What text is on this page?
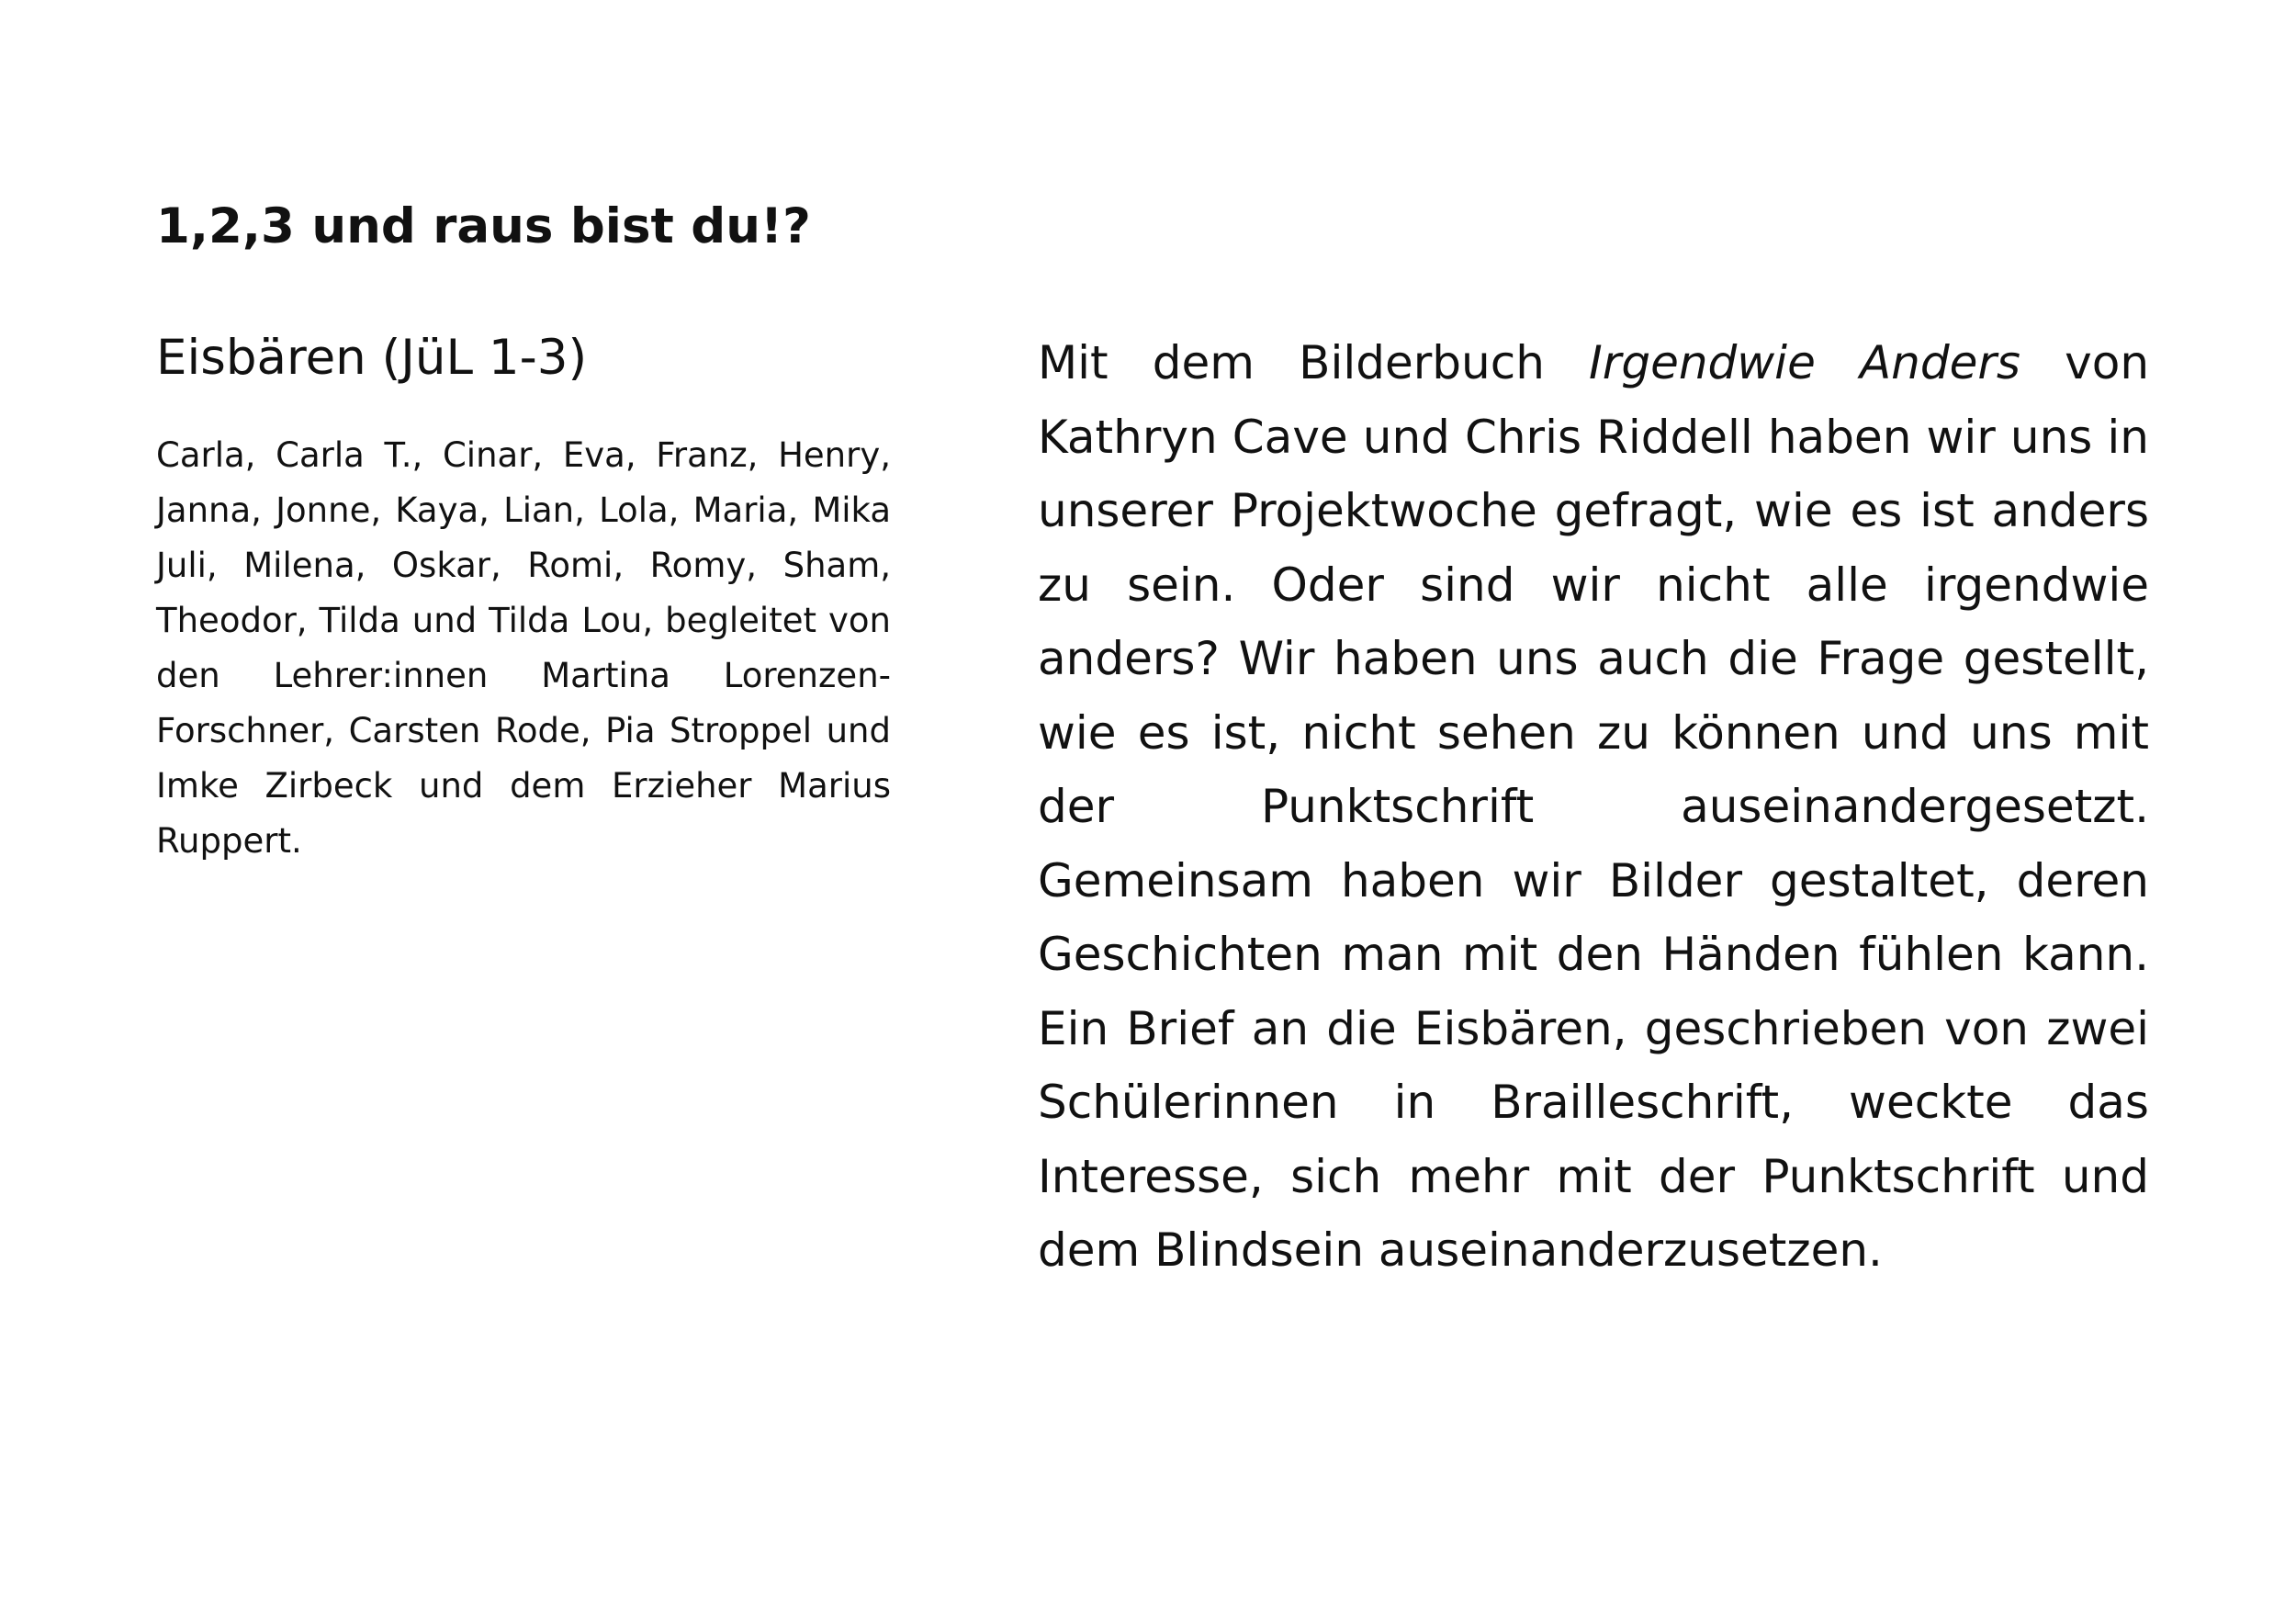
1,2,3 und raus bist du!?
Eisbären (JüL 1-3)

Carla, Carla T., Cinar, Eva, Franz, Henry, Janna, Jonne, Kaya, Lian, Lola, Maria, Mika Juli, Milena, Oskar, Romi, Romy, Sham, Theodor, Tilda und Tilda Lou, begleitet von den Lehrer:innen Martina Lorenzen-Forschner, Carsten Rode, Pia Stroppel und Imke Zirbeck und dem Erzieher Marius Ruppert.

Mit dem Bilderbuch Irgendwie Anders von Kathryn Cave und Chris Riddell haben wir uns in unserer Projektwoche gefragt, wie es ist anders zu sein. Oder sind wir nicht alle irgendwie anders? Wir haben uns auch die Frage gestellt, wie es ist, nicht sehen zu können und uns mit der Punktschrift auseinandergesetzt. Gemeinsam haben wir Bilder gestaltet, deren Geschichten man mit den Händen fühlen kann. Ein Brief an die Eisbären, geschrieben von zwei Schülerinnen in Brailleschrift, weckte das Interesse, sich mehr mit der Punktschrift und dem Blindsein auseinanderzusetzen.
